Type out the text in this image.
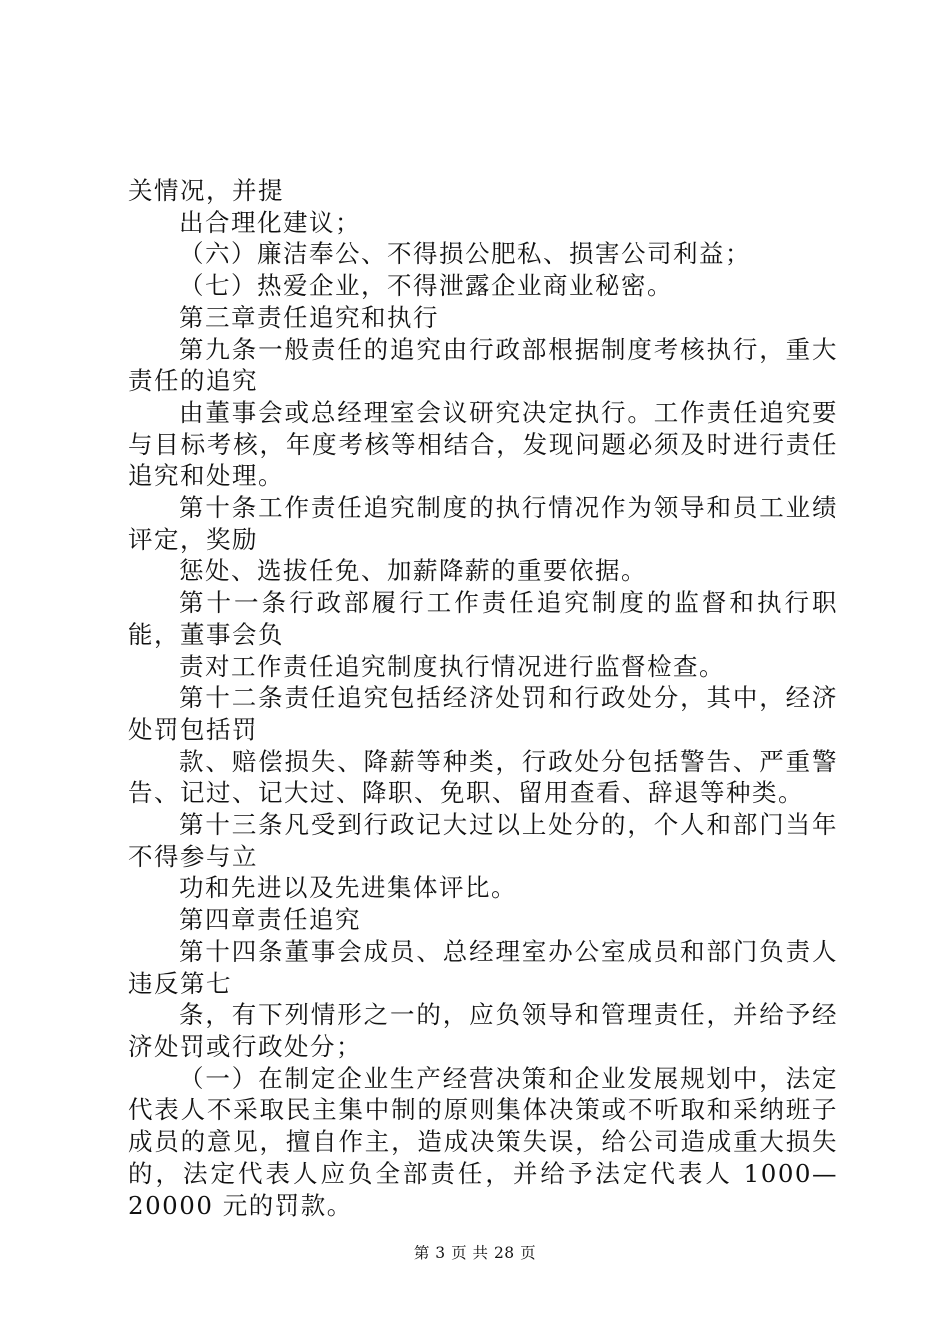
关情况，并提

出合理化建议；

（六）廉洁奉公、不得损公肥私、损害公司利益；

（七）热爱企业，不得泄露企业商业秘密。

第三章责任追究和执行

第九条一般责任的追究由行政部根据制度考核执行，重大责任的追究

由董事会或总经理室会议研究决定执行。工作责任追究要与目标考核，年度考核等相结合，发现问题必须及时进行责任追究和处理。

第十条工作责任追究制度的执行情况作为领导和员工业绩评定，奖励

惩处、选拔任免、加薪降薪的重要依据。

第十一条行政部履行工作责任追究制度的监督和执行职能，董事会负

责对工作责任追究制度执行情况进行监督检查。

第十二条责任追究包括经济处罚和行政处分，其中，经济处罚包括罚

款、赔偿损失、降薪等种类，行政处分包括警告、严重警告、记过、记大过、降职、免职、留用查看、辞退等种类。

第十三条凡受到行政记大过以上处分的，个人和部门当年不得参与立

功和先进以及先进集体评比。

第四章责任追究

第十四条董事会成员、总经理室办公室成员和部门负责人违反第七

条，有下列情形之一的，应负领导和管理责任，并给予经济处罚或行政处分；

（一）在制定企业生产经营决策和企业发展规划中，法定代表人不采取民主集中制的原则集体决策或不听取和采纳班子成员的意见，擅自作主，造成决策失误，给公司造成重大损失的，法定代表人应负全部责任，并给予法定代表人 1000—20000 元的罚款。

第 3 页 共 28 页
